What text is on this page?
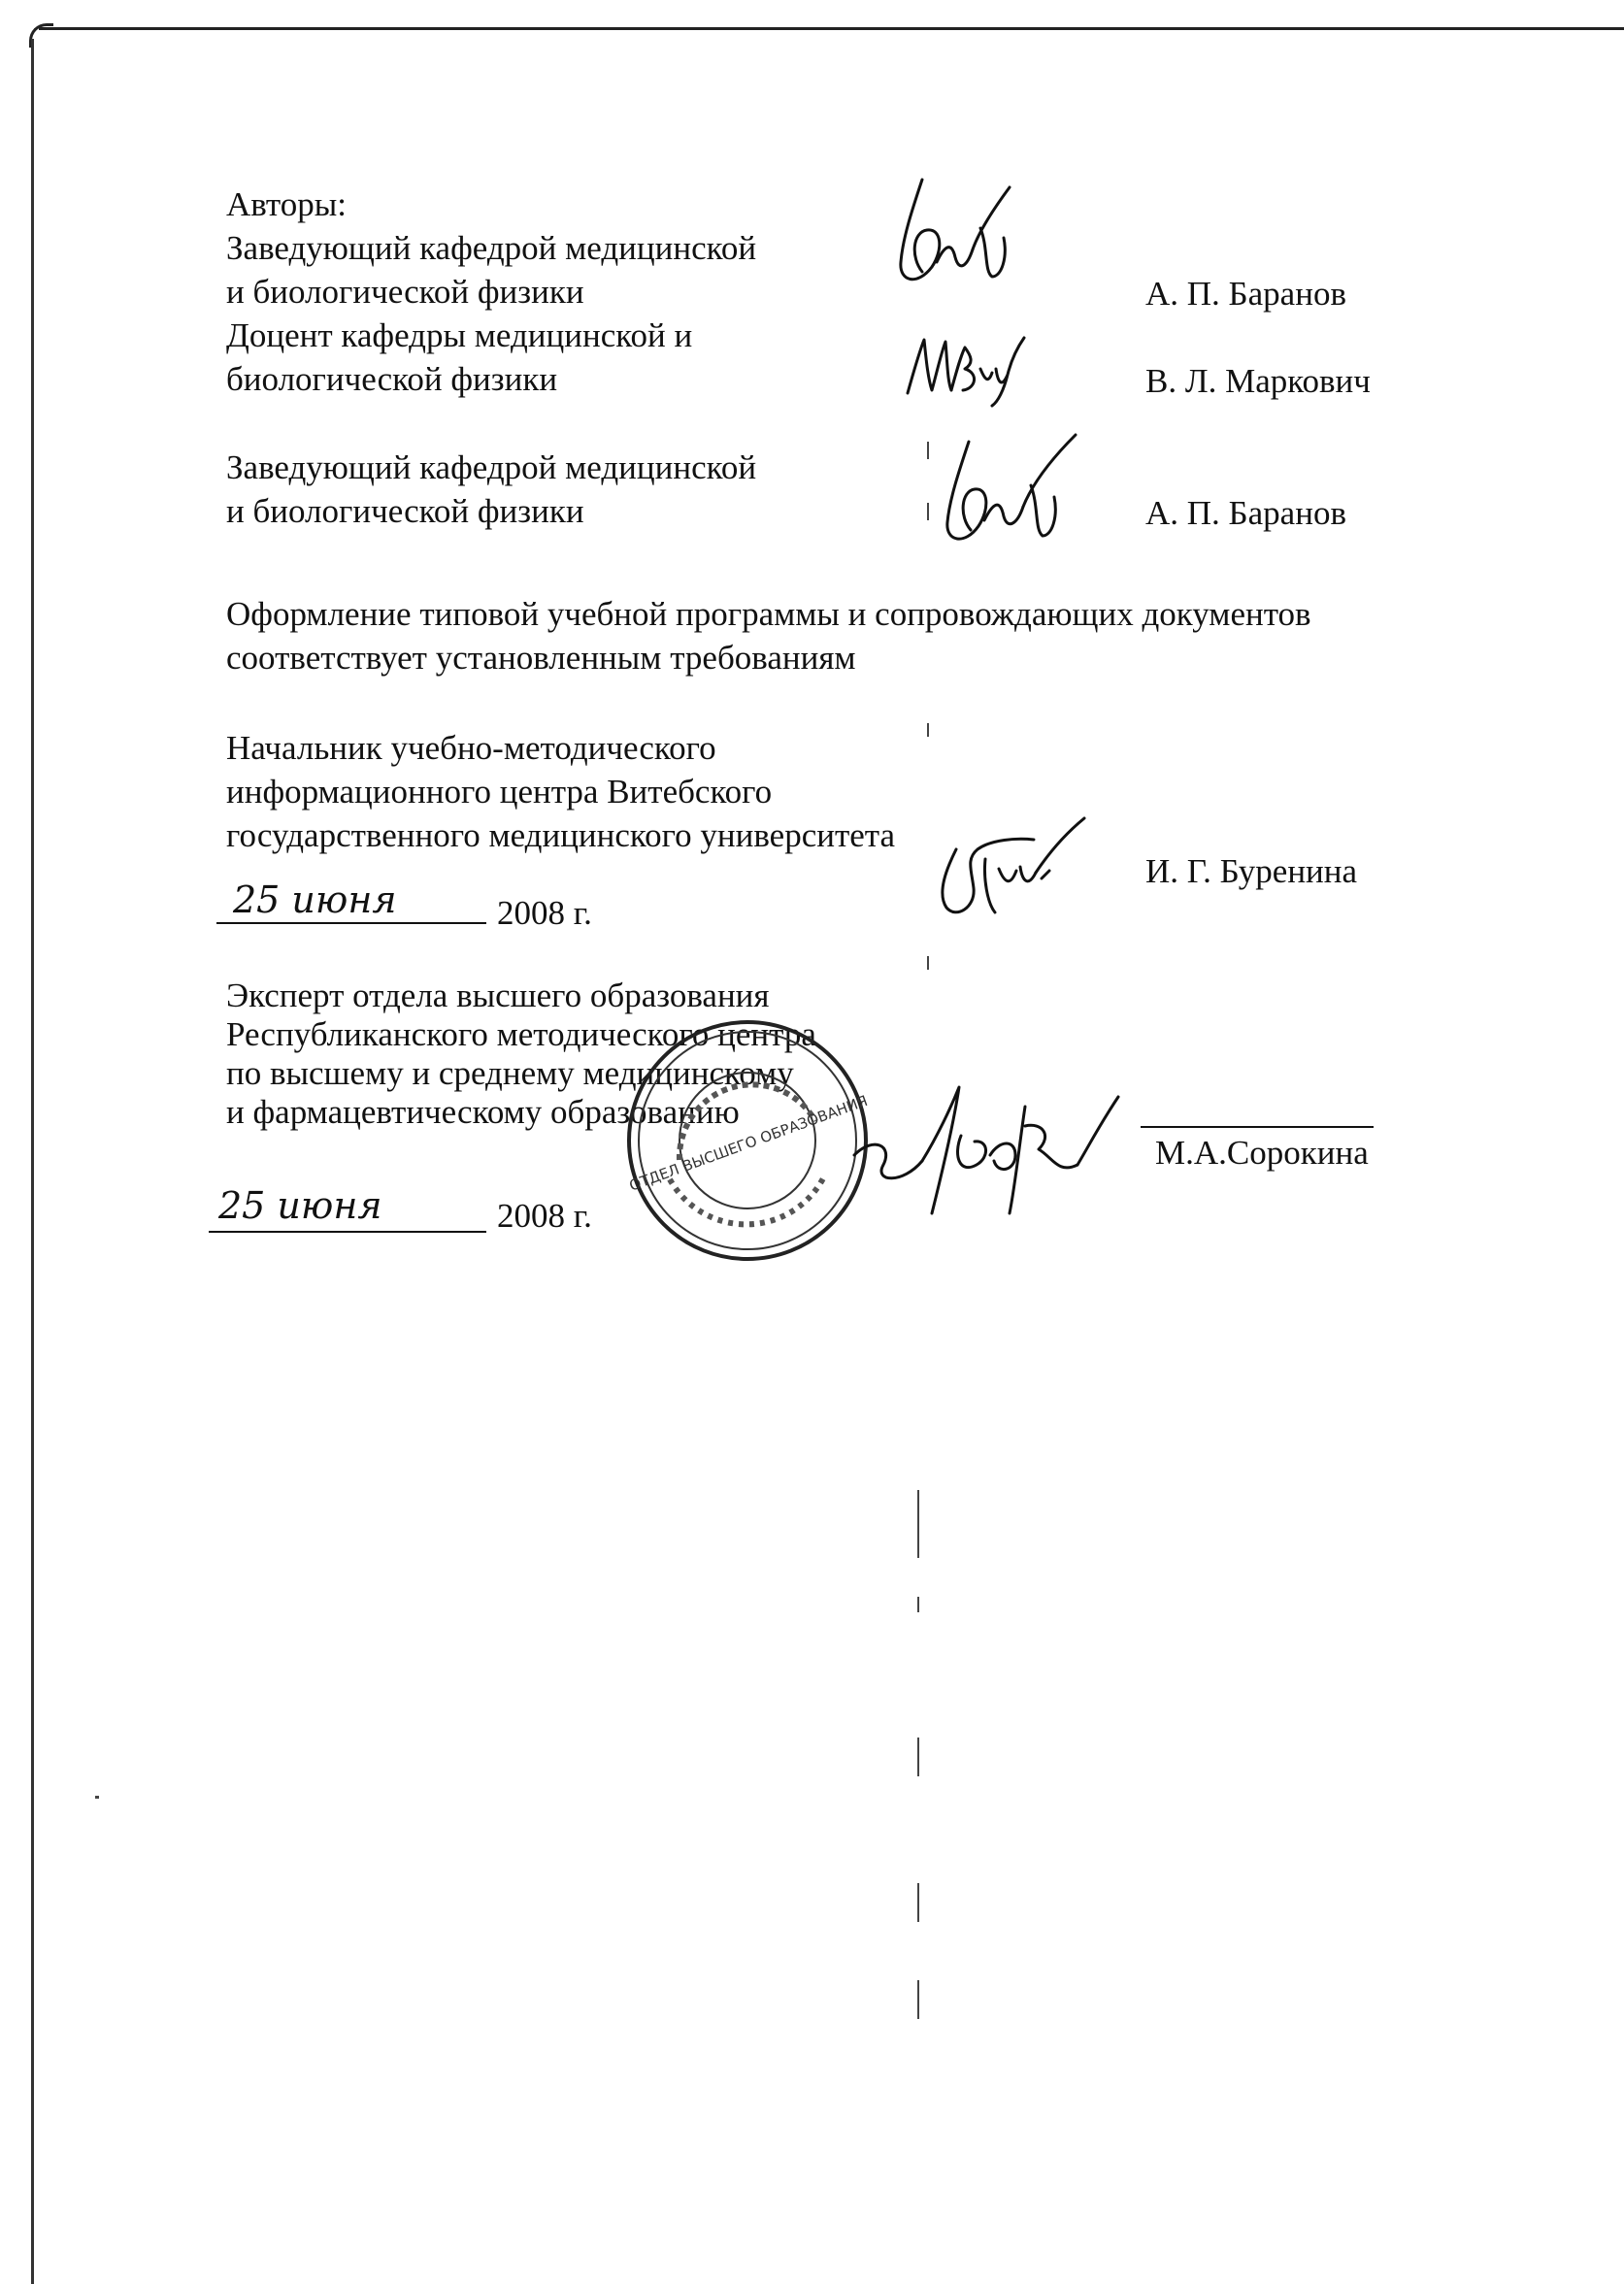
Авторы:
Заведующий кафедрой медицинской
и биологической физики	А. П. Баранов
Доцент кафедры медицинской и
биологической физики	В. Л. Маркович
Заведующий кафедрой медицинской
и биологической физики	А. П. Баранов
Оформление типовой учебной программы и сопровождающих документов
соответствует установленным требованиям
Начальник учебно-методического
информационного центра Витебского
государственного медицинского университета
И. Г. Буренина
25 июня	2008 г.
Эксперт отдела высшего образования
Республиканского методического центра
по высшему и среднему медицинскому
и фармацевтическому образованию
М.А.Сорокина
25 июня	2008 г.
ОТДЕЛ ВЫСШЕГО ОБРАЗОВАНИЯ
